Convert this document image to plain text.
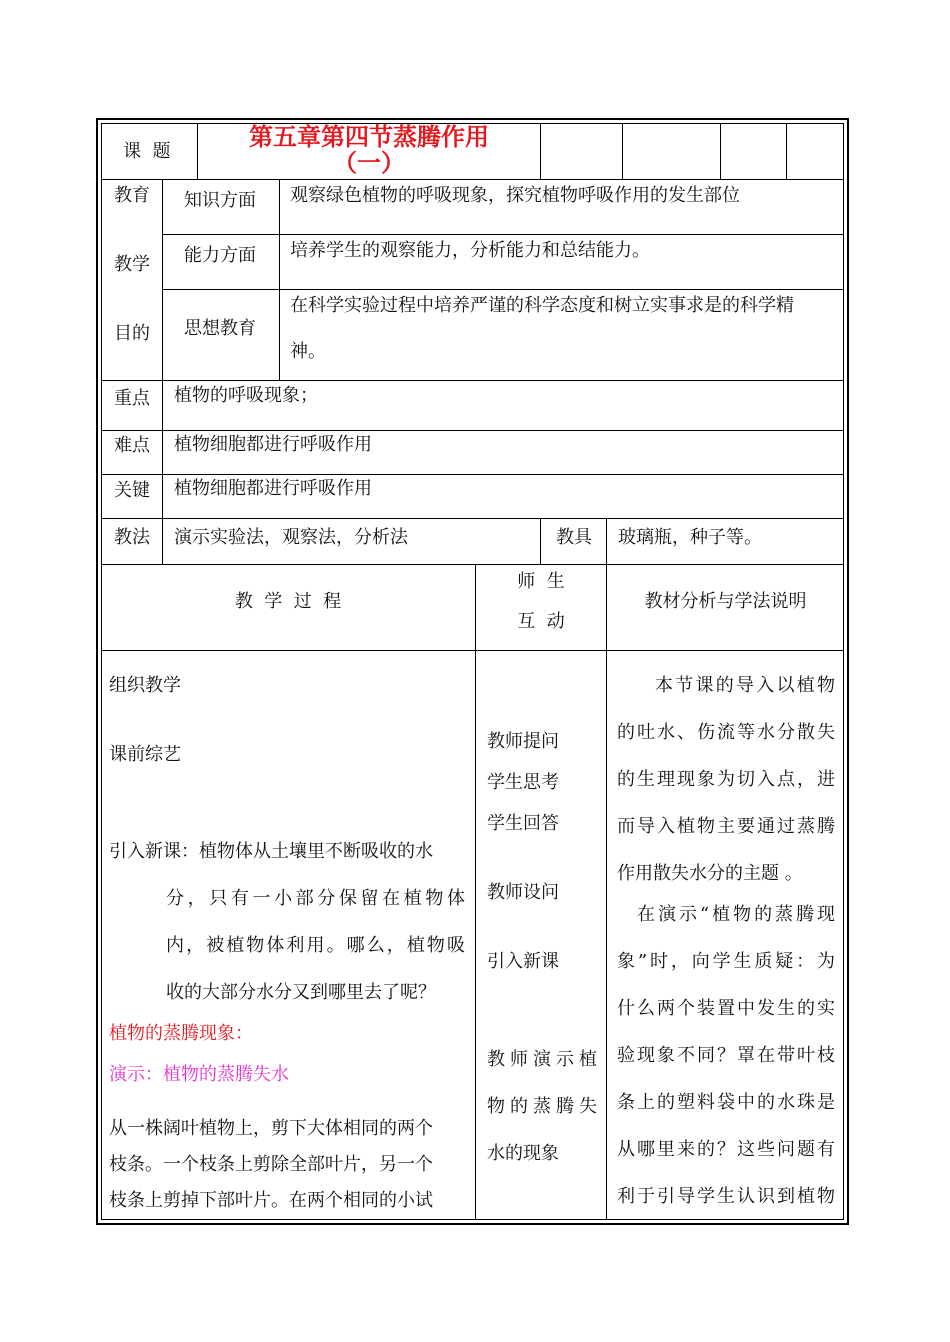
课  题
第五章第四节蒸腾作用
（一）
教育
教学
目的
知识方面 观察绿色植物的呼吸现象，探究植物呼吸作用的发生部位
能力方面 培养学生的观察能力，分析能力和总结能力。
思想教育
在科学实验过程中培养严谨的科学态度和树立实事求是的科学精
神。
重点 植物的呼吸现象；
难点 植物细胞都进行呼吸作用
关键 植物细胞都进行呼吸作用
教法 演示实验法，观察法，分析法	教具 玻璃瓶，种子等。
教  学  过  程
师  生
互  动
教材分析与学法说明
组织教学
课前综艺
引入新课：植物体从土壤里不断吸收的水
分，只有一小部分保留在植物体
内，被植物体利用。哪么，植物吸
收的大部分水分又到哪里去了呢？
植物的蒸腾现象：
演示：植物的蒸腾失水
从一株阔叶植物上，剪下大体相同的两个
枝条。一个枝条上剪除全部叶片，另一个
枝条上剪掉下部叶片。在两个相同的小试
教师提问
学生思考
学生回答
教师设问
引入新课
教师演示植
物的蒸腾失
水的现象
本节课的导入以植物
的吐水、伤流等水分散失
的生理现象为切入点，进
而导入植物主要通过蒸腾
作用散失水分的主题 。
在演示“植物的蒸腾现
象”时，向学生质疑：为
什么两个装置中发生的实
验现象不同？罩在带叶枝
条上的塑料袋中的水珠是
从哪里来的？这些问题有
利于引导学生认识到植物
